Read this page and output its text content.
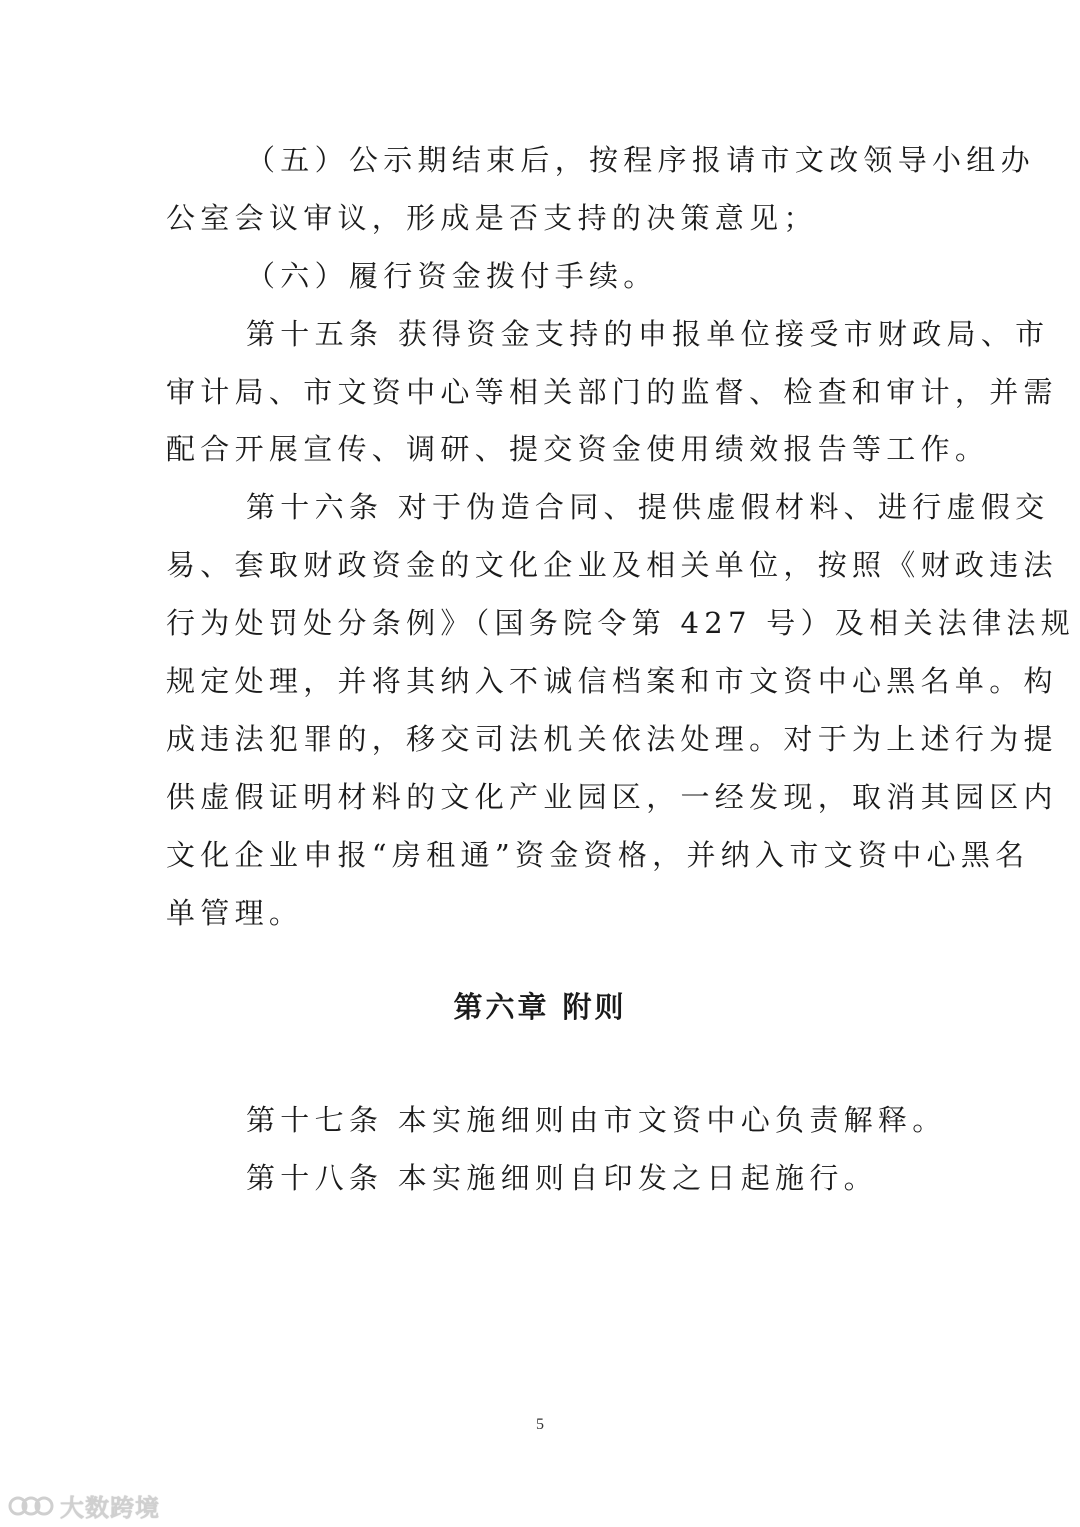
（五）公示期结束后，按程序报请市文改领导小组办
公室会议审议，形成是否支持的决策意见；
（六）履行资金拨付手续。
第十五条 获得资金支持的申报单位接受市财政局、市
审计局、市文资中心等相关部门的监督、检查和审计，并需
配合开展宣传、调研、提交资金使用绩效报告等工作。
第十六条 对于伪造合同、提供虚假材料、进行虚假交
易、套取财政资金的文化企业及相关单位，按照《财政违法
行为处罚处分条例》（国务院令第 427 号）及相关法律法规
规定处理，并将其纳入不诚信档案和市文资中心黑名单。构
成违法犯罪的，移交司法机关依法处理。对于为上述行为提
供虚假证明材料的文化产业园区，一经发现，取消其园区内
文化企业申报“房租通”资金资格，并纳入市文资中心黑名
单管理。
第六章 附则
第十七条 本实施细则由市文资中心负责解释。
第十八条 本实施细则自印发之日起施行。
5
大数跨境
